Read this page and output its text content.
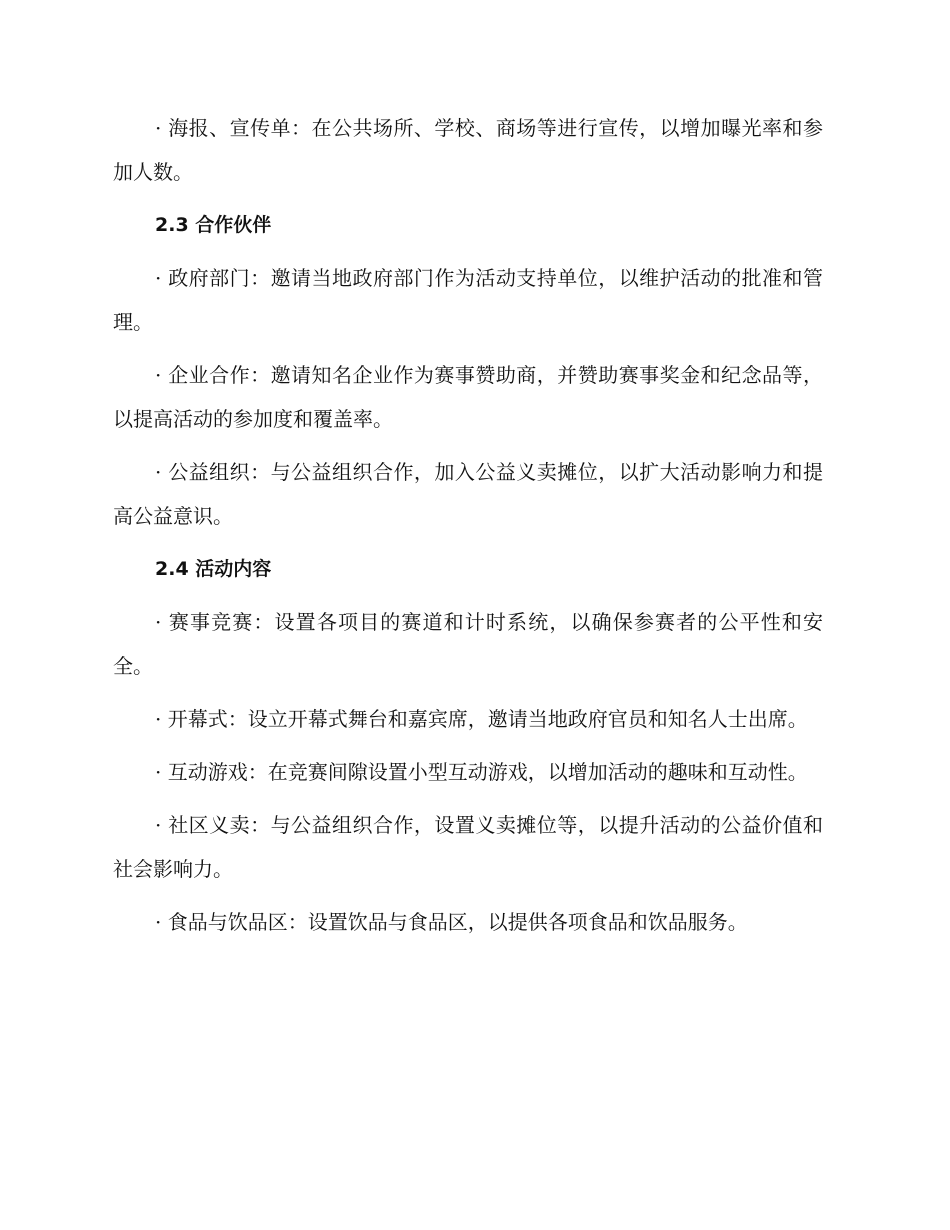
· 海报、宣传单：在公共场所、学校、商场等进行宣传，以增加曝光率和参加人数。

2.3 合作伙伴

· 政府部门：邀请当地政府部门作为活动支持单位，以维护活动的批准和管理。

· 企业合作：邀请知名企业作为赛事赞助商，并赞助赛事奖金和纪念品等，以提高活动的参加度和覆盖率。

· 公益组织：与公益组织合作，加入公益义卖摊位，以扩大活动影响力和提高公益意识。

2.4 活动内容

· 赛事竞赛：设置各项目的赛道和计时系统，以确保参赛者的公平性和安全。

· 开幕式：设立开幕式舞台和嘉宾席，邀请当地政府官员和知名人士出席。

· 互动游戏：在竞赛间隙设置小型互动游戏，以增加活动的趣味和互动性。

· 社区义卖：与公益组织合作，设置义卖摊位等，以提升活动的公益价值和社会影响力。

· 食品与饮品区：设置饮品与食品区，以提供各项食品和饮品服务。
